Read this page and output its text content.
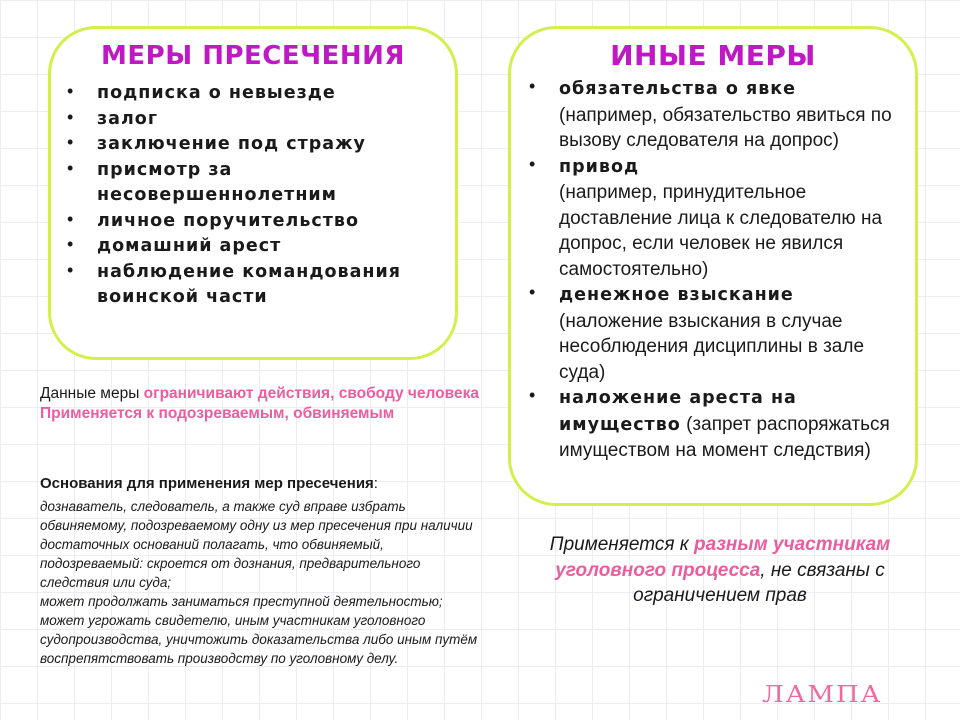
МЕРЫ ПРЕСЕЧЕНИЯ
• подписка о невыезде
• залог
• заключение под стражу
• присмотр за несовершеннолетним
• личное поручительство
• домашний арест
• наблюдение командования воинской части
ИНЫЕ МЕРЫ
• обязательства о явке
(например, обязательство явиться по вызову следователя на допрос)
• привод
(например, принудительное доставление лица к следователю на допрос, если человек не явился самостоятельно)
• денежное взыскание
(наложение взыскания в случае несоблюдения дисциплины в зале суда)
• наложение ареста на имущество (запрет распоряжаться имуществом на момент следствия)
Данные меры ограничивают действия, свободу человека
Применяется к подозреваемым, обвиняемым
Основания для применения мер пресечения:
дознаватель, следователь, а также суд вправе избрать обвиняемому, подозреваемому одну из мер пресечения при наличии достаточных оснований полагать, что обвиняемый, подозреваемый: скроется от дознания, предварительного следствия или суда;
может продолжать заниматься преступной деятельностью; может угрожать свидетелю, иным участникам уголовного судопроизводства, уничтожить доказательства либо иным путём воспрепятствовать производству по уголовному делу.
Применяется к разным участникам уголовного процесса, не связаны с ограничением прав
ЛАМПА
